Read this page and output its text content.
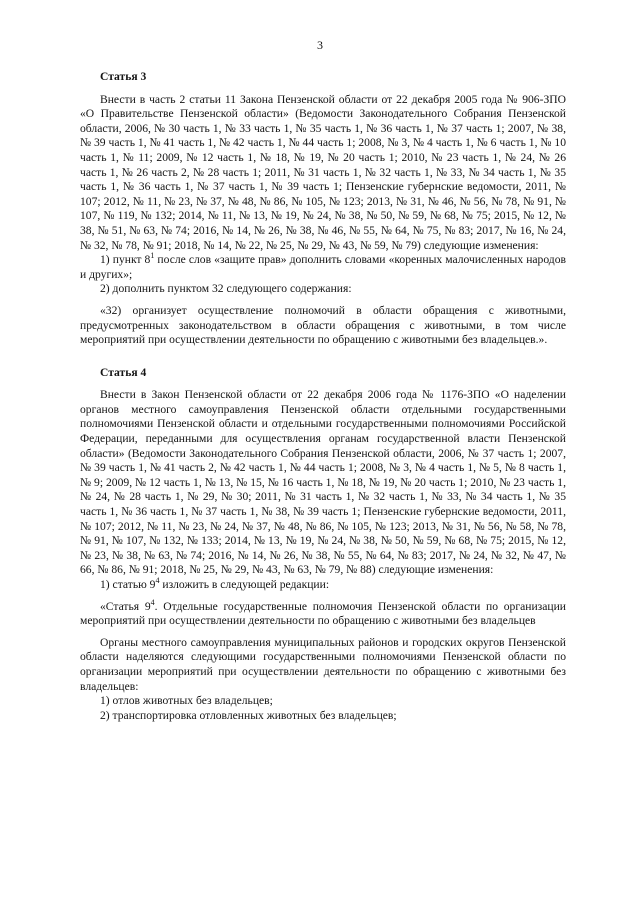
3
Статья 3

Внести в часть 2 статьи 11 Закона Пензенской области от 22 декабря 2005 года № 906-ЗПО «О Правительстве Пензенской области» (Ведомости Законодательного Собрания Пензенской области, 2006, № 30 часть 1, № 33 часть 1, № 35 часть 1, № 36 часть 1, № 37 часть 1; 2007, № 38, № 39 часть 1, № 41 часть 1, № 42 часть 1, № 44 часть 1; 2008, № 3, № 4 часть 1, № 6 часть 1, № 10 часть 1, № 11; 2009, № 12 часть 1, № 18, № 19, № 20 часть 1; 2010, № 23 часть 1, № 24, № 26 часть 1, № 26 часть 2, № 28 часть 1; 2011, № 31 часть 1, № 32 часть 1, № 33, № 34 часть 1, № 35 часть 1, № 36 часть 1, № 37 часть 1, № 39 часть 1; Пензенские губернские ведомости, 2011, № 107; 2012, № 11, № 23, № 37, № 48, № 86, № 105, № 123; 2013, № 31, № 46, № 56, № 78, № 91, № 107, № 119, № 132; 2014, № 11, № 13, № 19, № 24, № 38, № 50, № 59, № 68, № 75; 2015, № 12, № 38, № 51, № 63, № 74; 2016, № 14, № 26, № 38, № 46, № 55, № 64, № 75, № 83; 2017, № 16, № 24, № 32, № 78, № 91; 2018, № 14, № 22, № 25, № 29, № 43, № 59, № 79) следующие изменения:

1) пункт $8^1$ после слов «защите прав» дополнить словами «коренных малочисленных народов и других»;

2) дополнить пунктом 32 следующего содержания:

«32) организует осуществление полномочий в области обращения с животными, предусмотренных законодательством в области обращения с животными, в том числе мероприятий при осуществлении деятельности по обращению с животными без владельцев.».

Статья 4

Внести в Закон Пензенской области от 22 декабря 2006 года № 1176-ЗПО «О наделении органов местного самоуправления Пензенской области отдельными государственными полномочиями Пензенской области и отдельными государственными полномочиями Российской Федерации, переданными для осуществления органам государственной власти Пензенской области» (Ведомости Законодательного Собрания Пензенской области, 2006, № 37 часть 1; 2007, № 39 часть 1, № 41 часть 2, № 42 часть 1, № 44 часть 1; 2008, № 3, № 4 часть 1, № 5, № 8 часть 1, № 9; 2009, № 12 часть 1, № 13, № 15, № 16 часть 1, № 18, № 19, № 20 часть 1; 2010, № 23 часть 1, № 24, № 28 часть 1, № 29, № 30; 2011, № 31 часть 1, № 32 часть 1, № 33, № 34 часть 1, № 35 часть 1, № 36 часть 1, № 37 часть 1, № 38, № 39 часть 1; Пензенские губернские ведомости, 2011, № 107; 2012, № 11, № 23, № 24, № 37, № 48, № 86, № 105, № 123; 2013, № 31, № 56, № 58, № 78, № 91, № 107, № 132, № 133; 2014, № 13, № 19, № 24, № 38, № 50, № 59, № 68, № 75; 2015, № 12, № 23, № 38, № 63, № 74; 2016, № 14, № 26, № 38, № 55, № 64, № 83; 2017, № 24, № 32, № 47, № 66, № 86, № 91; 2018, № 25, № 29, № 43, № 63, № 79, № 88) следующие изменения:

1) статью $9^4$ изложить в следующей редакции:

«Статья $9^4$. Отдельные государственные полномочия Пензенской области по организации мероприятий при осуществлении деятельности по обращению с животными без владельцев

Органы местного самоуправления муниципальных районов и городских округов Пензенской области наделяются следующими государственными полномочиями Пензенской области по организации мероприятий при осуществлении деятельности по обращению с животными без владельцев:

1) отлов животных без владельцев;

2) транспортировка отловленных животных без владельцев;
